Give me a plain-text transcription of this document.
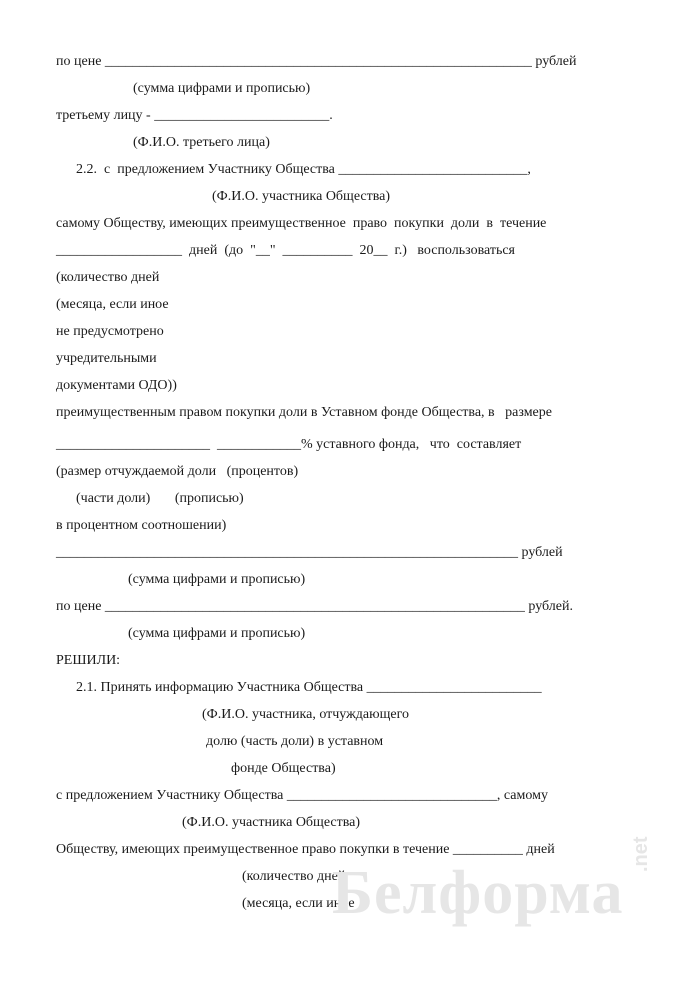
по цене _____________________________________________________________ рублей
(сумма цифрами и прописью)
третьему лицу - _________________________.
(Ф.И.О. третьего лица)
2.2.  с  предложением Участнику Общества ___________________________,
(Ф.И.О. участника Общества)
самому Обществу, имеющих преимущественное  право  покупки  доли  в  течение
__________________  дней  (до  "__"  __________  20__  г.)   воспользоваться
(количество дней
(месяца, если иное
не предусмотрено
учредительными
документами ОДО))
преимущественным правом покупки доли в Уставном фонде Общества, в   размере
______________________  ____________% уставного фонда,   что  составляет
(размер отчуждаемой доли   (процентов)
(части доли)       (прописью)
в процентном соотношении)
__________________________________________________________________ рублей
(сумма цифрами и прописью)
по цене ____________________________________________________________ рублей.
(сумма цифрами и прописью)
РЕШИЛИ:
2.1. Принять информацию Участника Общества _________________________
(Ф.И.О. участника, отчуждающего
долю (часть доли) в уставном
фонде Общества)
с предложением Участнику Общества ______________________________, самому
(Ф.И.О. участника Общества)
Обществу, имеющих преимущественное право покупки в течение __________ дней
(количество дней
(месяца, если иное
Белформа
.net
